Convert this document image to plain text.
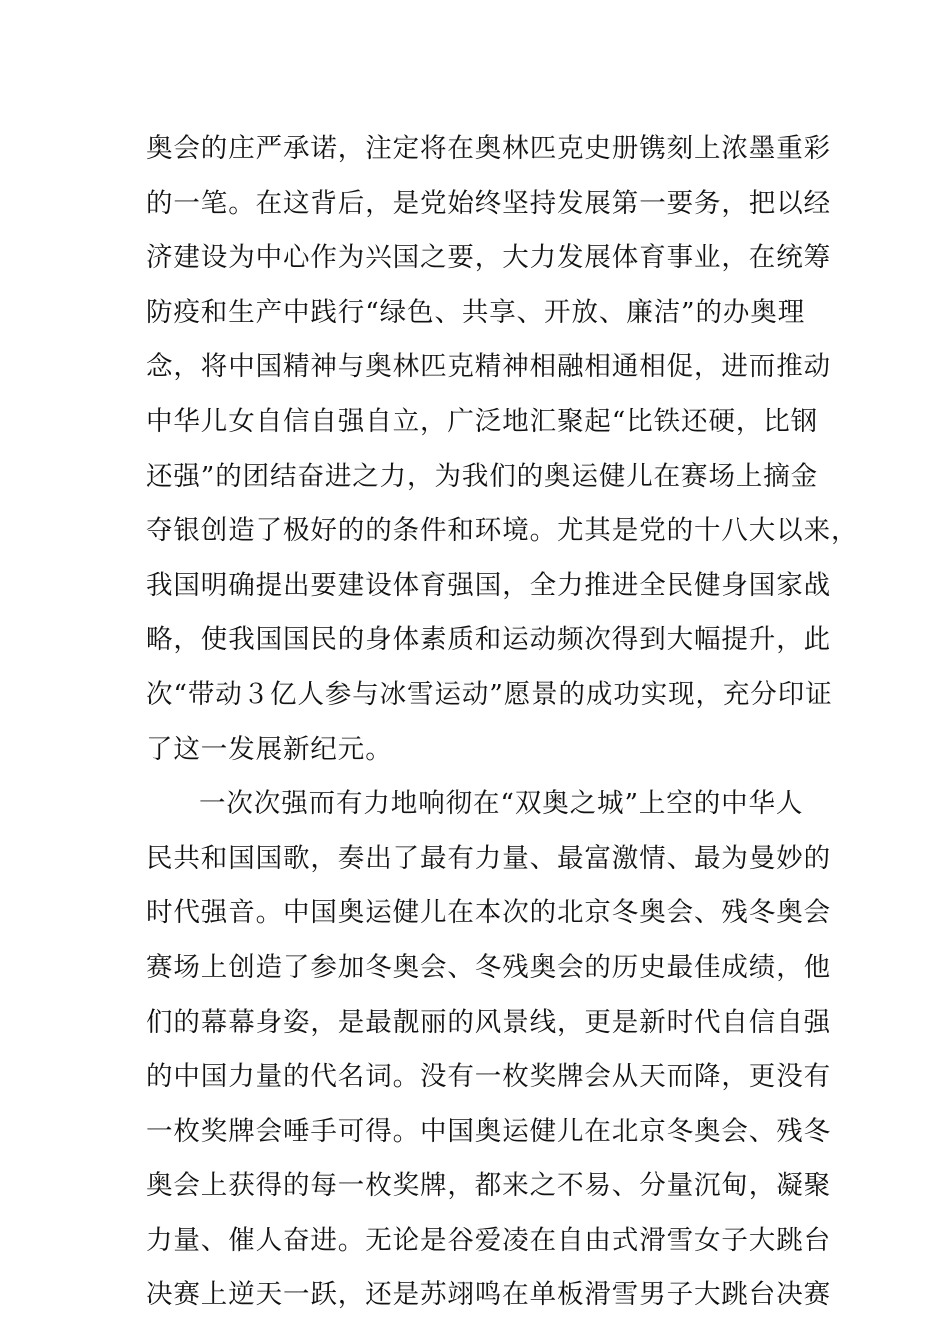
奥会的庄严承诺，注定将在奥林匹克史册镌刻上浓墨重彩
的一笔。在这背后，是党始终坚持发展第一要务，把以经
济建设为中心作为兴国之要，大力发展体育事业，在统筹
防疫和生产中践行“绿色、共享、开放、廉洁”的办奥理
念，将中国精神与奥林匹克精神相融相通相促，进而推动
中华儿女自信自强自立，广泛地汇聚起“比铁还硬，比钢
还强”的团结奋进之力，为我们的奥运健儿在赛场上摘金
夺银创造了极好的的条件和环境。尤其是党的十八大以来，
我国明确提出要建设体育强国，全力推进全民健身国家战
略，使我国国民的身体素质和运动频次得到大幅提升，此
次“带动３亿人参与冰雪运动”愿景的成功实现，充分印证
了这一发展新纪元。
一次次强而有力地响彻在“双奥之城”上空的中华人
民共和国国歌，奏出了最有力量、最富激情、最为曼妙的
时代强音。中国奥运健儿在本次的北京冬奥会、残冬奥会
赛场上创造了参加冬奥会、冬残奥会的历史最佳成绩，他
们的幕幕身姿，是最靓丽的风景线，更是新时代自信自强
的中国力量的代名词。没有一枚奖牌会从天而降，更没有
一枚奖牌会唾手可得。中国奥运健儿在北京冬奥会、残冬
奥会上获得的每一枚奖牌，都来之不易、分量沉甸，凝聚
力量、催人奋进。无论是谷爱凌在自由式滑雪女子大跳台
决赛上逆天一跃，还是苏翊鸣在单板滑雪男子大跳台决赛
